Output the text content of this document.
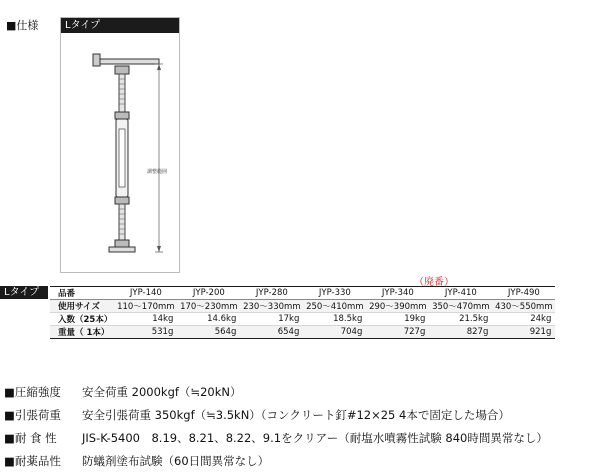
■仕様	Lタイプ
調整範囲
Lタイプ
（廃番）
品番	JYP-140	JYP-200	JYP-280	JYP-330	JYP-340	JYP-410	JYP-490
使用サイズ	110〜170mm	170〜230mm	230〜330mm	250〜410mm	290〜390mm	350〜470mm	430〜550mm
入数（25本）	14kg	14.6kg	17kg	18.5kg	19kg	21.5kg	24kg
重量（ 1本）	531g	564g	654g	704g	727g	827g	921g
■圧縮強度 安全荷重 2000kgf（≒20kN）
■引張荷重 安全引張荷重 350kgf（≒3.5kN）（コンクリート釘#12×25 4本で固定した場合）
■耐 食 性 JIS-K-5400　8.19、8.21、8.22、9.1をクリアー（耐塩水噴霧性試験 840時間異常なし）
■耐薬品性 防蟻剤塗布試験（60日間異常なし）
